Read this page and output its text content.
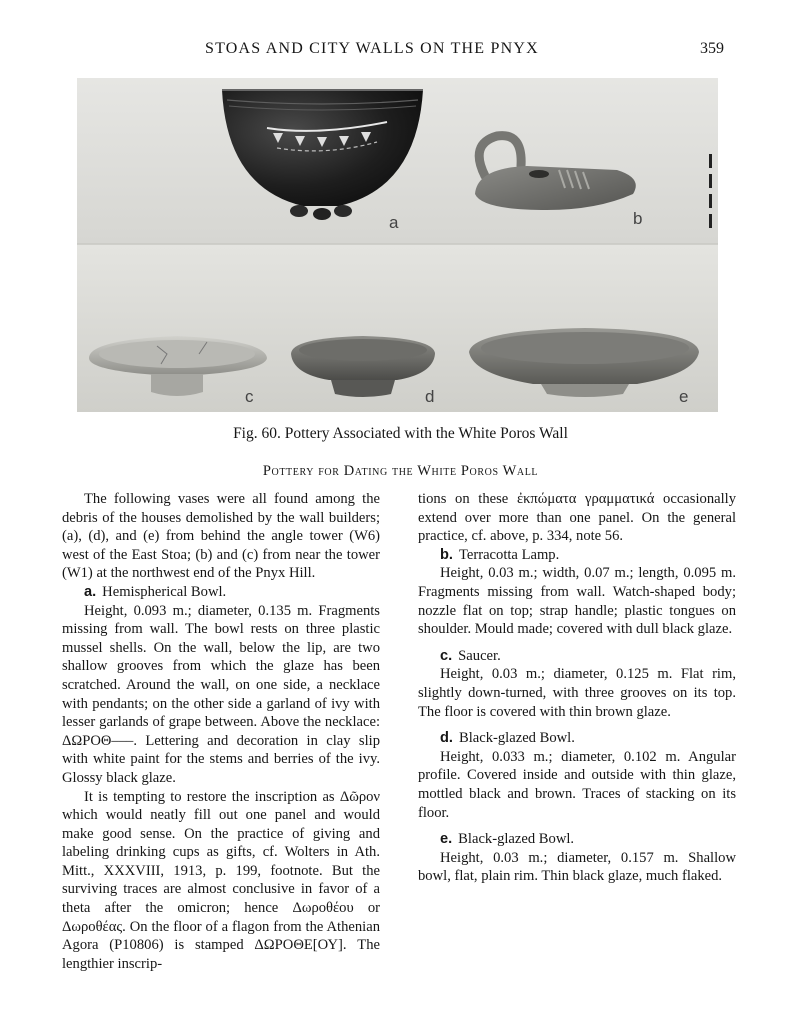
STOAS AND CITY WALLS ON THE PNYX	359
a	b
c	d	e
Fig. 60. Pottery Associated with the White Poros Wall
Pottery for Dating the White Poros Wall

The following vases were all found among the debris of the houses demolished by the wall builders; (a), (d), and (e) from behind the angle tower (W6) west of the East Stoa; (b) and (c) from near the tower (W1) at the northwest end of the Pnyx Hill.

a. Hemispherical Bowl.

Height, 0.093 m.; diameter, 0.135 m. Fragments missing from wall. The bowl rests on three plastic mussel shells. On the wall, below the lip, are two shallow grooves from which the glaze has been scratched. Around the wall, on one side, a necklace with pendants; on the other side a garland of ivy with lesser garlands of grape between. Above the necklace: ΔΩΡΟΘ–––. Lettering and decoration in clay slip with white paint for the stems and berries of the ivy. Glossy black glaze.

It is tempting to restore the inscription as Δῶρον which would neatly fill out one panel and would make good sense. On the practice of giving and labeling drinking cups as gifts, cf. Wolters in Ath. Mitt., XXXVIII, 1913, p. 199, footnote. But the surviving traces are almost conclusive in favor of a theta after the omicron; hence Δωροθέου or Δωροθέας. On the floor of a flagon from the Athenian Agora (P10806) is stamped ΔΩΡΟΘΕ[ΟΥ]. The lengthier inscrip-

tions on these ἐκπώματα γραμματικά occasionally extend over more than one panel. On the general practice, cf. above, p. 334, note 56.

b. Terracotta Lamp.

Height, 0.03 m.; width, 0.07 m.; length, 0.095 m. Fragments missing from wall. Watch-shaped body; nozzle flat on top; strap handle; plastic tongues on shoulder. Mould made; covered with dull black glaze.

c. Saucer.

Height, 0.03 m.; diameter, 0.125 m. Flat rim, slightly down-turned, with three grooves on its top. The floor is covered with thin brown glaze.

d. Black-glazed Bowl.

Height, 0.033 m.; diameter, 0.102 m. Angular profile. Covered inside and outside with thin glaze, mottled black and brown. Traces of stacking on its floor.

e. Black-glazed Bowl.

Height, 0.03 m.; diameter, 0.157 m. Shallow bowl, flat, plain rim. Thin black glaze, much flaked.
